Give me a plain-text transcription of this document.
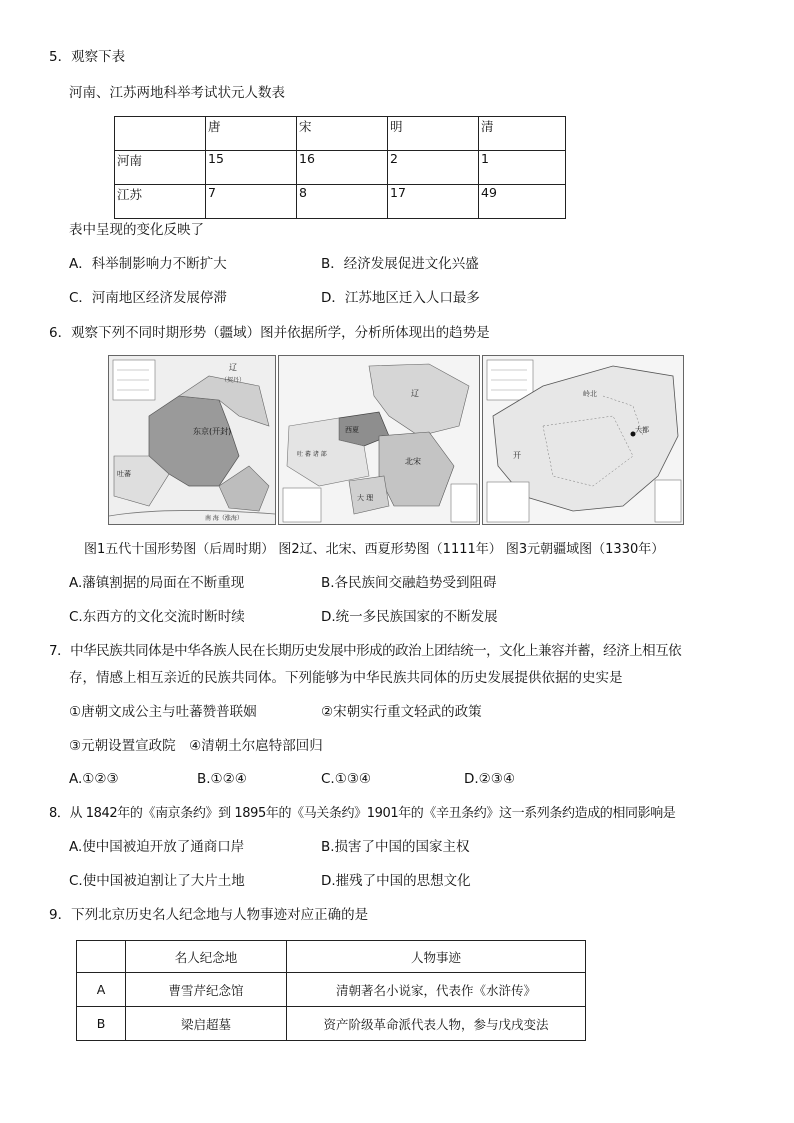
5．观察下表
河南、江苏两地科举考试状元人数表
	唐	宋	明	清
河南	15	16	2	1
江苏	7	8	17	49
表中呈现的变化反映了
A．科举制影响力不断扩大	B．经济发展促进文化兴盛
C．河南地区经济发展停滞	D．江苏地区迁入人口最多
6．观察下列不同时期形势（疆域）图并依据所学，分析所体现出的趋势是
辽
（契丹）
东京(开封)
吐蕃
南 海（涨海）
辽
西夏
北宋
吐 蕃 诸 部
大 理
大都
岭北
开
图1五代十国形势图（后周时期） 图2辽、北宋、西夏形势图（1111年） 图3元朝疆域图（1330年）
A.藩镇割据的局面在不断重现	B.各民族间交融趋势受到阻碍
C.东西方的文化交流时断时续	D.统一多民族国家的不断发展
7．中华民族共同体是中华各族人民在长期历史发展中形成的政治上团结统一，文化上兼容并蓄，经济上相互依
存，情感上相互亲近的民族共同体。下列能够为中华民族共同体的历史发展提供依据的史实是
①唐朝文成公主与吐蕃赞普联姻	②宋朝实行重文轻武的政策
③元朝设置宣政院　④清朝土尔扈特部回归
A.①②③	B.①②④	C.①③④	D.②③④
8．从 1842年的《南京条约》到 1895年的《马关条约》1901年的《辛丑条约》这一系列条约造成的相同影响是
A.使中国被迫开放了通商口岸	B.损害了中国的国家主权
C.使中国被迫割让了大片土地	D.摧残了中国的思想文化
9．下列北京历史名人纪念地与人物事迹对应正确的是
	名人纪念地	人物事迹
A	曹雪芹纪念馆	清朝著名小说家，代表作《水浒传》
B	梁启超墓	资产阶级革命派代表人物，参与戊戌变法
